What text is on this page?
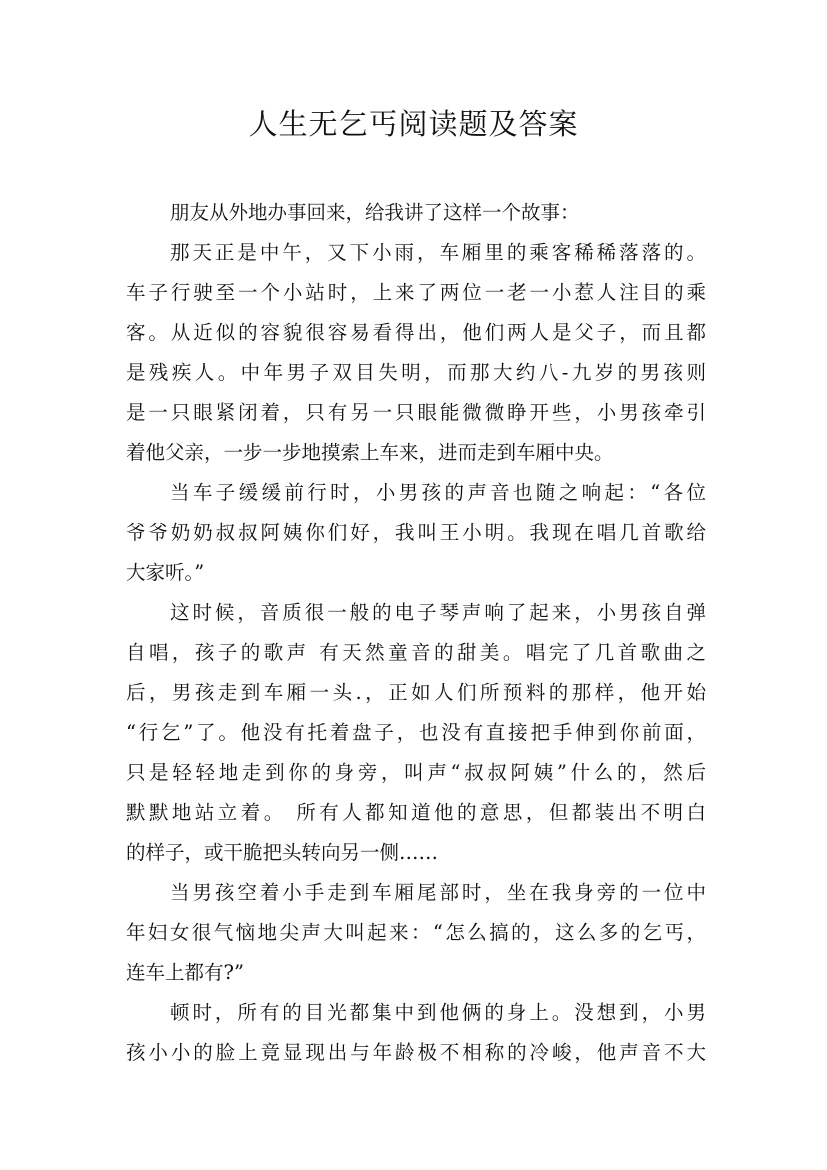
人生无乞丐阅读题及答案
朋友从外地办事回来，给我讲了这样一个故事：
那天正是中午，又下小雨，车厢里的乘客稀稀落落的。
车子行驶至一个小站时，上来了两位一老一小惹人注目的乘
客。从近似的容貌很容易看得出，他们两人是父子，而且都
是残疾人。中年男子双目失明，而那大约八-九岁的男孩则
是一只眼紧闭着，只有另一只眼能微微睁开些，小男孩牵引
着他父亲，一步一步地摸索上车来，进而走到车厢中央。
当车子缓缓前行时，小男孩的声音也随之响起：“各位
爷爷奶奶叔叔阿姨你们好，我叫王小明。我现在唱几首歌给
大家听。”
这时候，音质很一般的电子琴声响了起来，小男孩自弹
自唱，孩子的歌声 有天然童音的甜美。唱完了几首歌曲之
后，男孩走到车厢一头.，正如人们所预料的那样，他开始
“行乞”了。他没有托着盘子，也没有直接把手伸到你前面，
只是轻轻地走到你的身旁，叫声“叔叔阿姨”什么的，然后
默默地站立着。 所有人都知道他的意思，但都装出不明白
的样子，或干脆把头转向另一侧……
当男孩空着小手走到车厢尾部时，坐在我身旁的一位中
年妇女很气恼地尖声大叫起来：“怎么搞的，这么多的乞丐，
连车上都有?”
顿时，所有的目光都集中到他俩的身上。没想到，小男
孩小小的脸上竟显现出与年龄极不相称的冷峻，他声音不大
